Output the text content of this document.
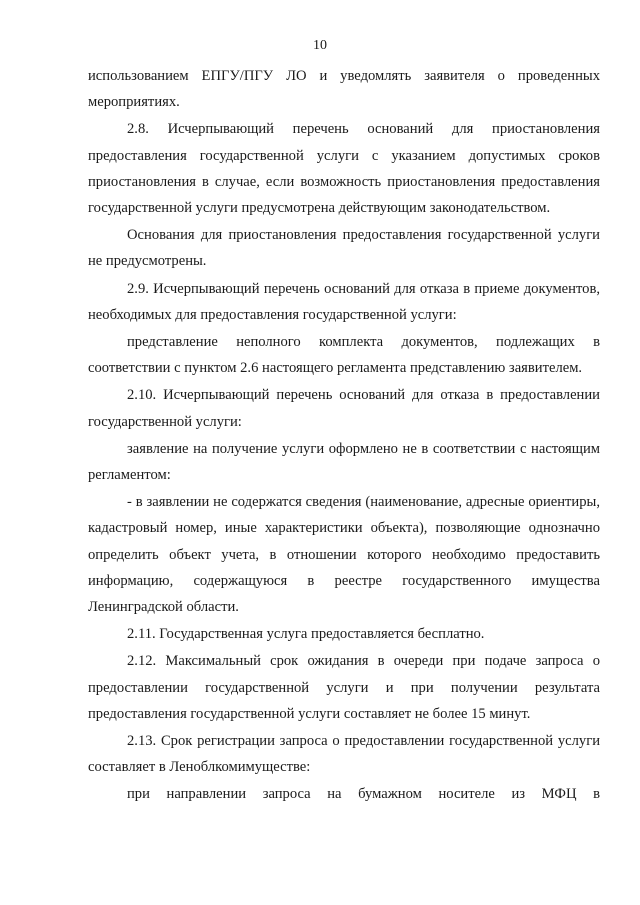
10

использованием ЕПГУ/ПГУ ЛО и уведомлять заявителя о проведенных мероприятиях.

2.8. Исчерпывающий перечень оснований для приостановления предоставления государственной услуги с указанием допустимых сроков приостановления в случае, если возможность приостановления предоставления государственной услуги предусмотрена действующим законодательством.

Основания для приостановления предоставления государственной услуги не предусмотрены.

2.9. Исчерпывающий перечень оснований для отказа в приеме документов, необходимых для предоставления государственной услуги:

представление неполного комплекта документов, подлежащих в соответствии с пунктом 2.6 настоящего регламента представлению заявителем.

2.10. Исчерпывающий перечень оснований для отказа в предоставлении государственной услуги:

заявление на получение услуги оформлено не в соответствии с настоящим регламентом:

- в заявлении не содержатся сведения (наименование, адресные ориентиры, кадастровый номер, иные характеристики объекта), позволяющие однозначно определить объект учета, в отношении которого необходимо предоставить информацию, содержащуюся в реестре государственного имущества Ленинградской области.

2.11. Государственная услуга предоставляется бесплатно.

2.12. Максимальный срок ожидания в очереди при подаче запроса о предоставлении государственной услуги и при получении результата предоставления государственной услуги составляет не более 15 минут.

2.13. Срок регистрации запроса о предоставлении государственной услуги составляет в Леноблкомимуществе:

при направлении запроса на бумажном носителе из МФЦ в
